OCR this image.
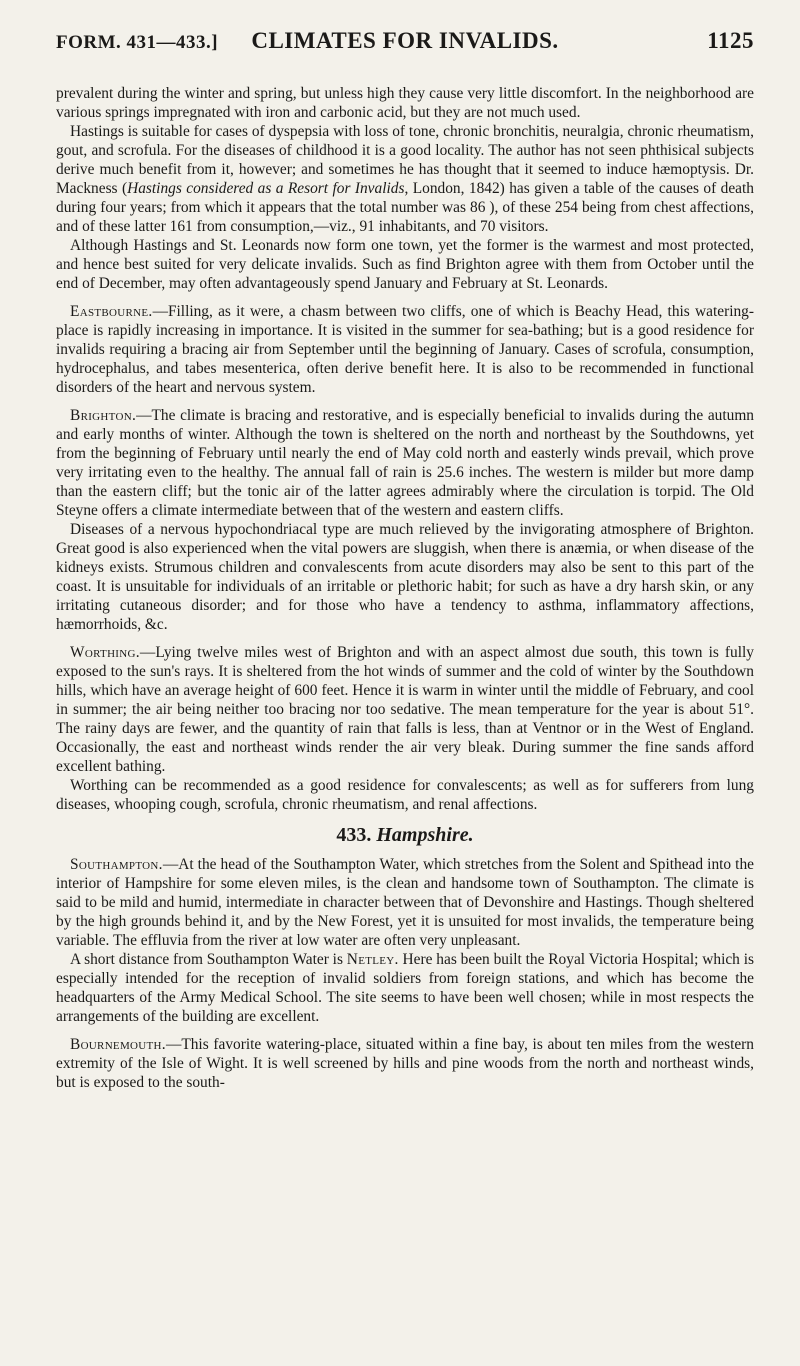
FORM. 431—433.]	CLIMATES FOR INVALIDS.	1125

prevalent during the winter and spring, but unless high they cause very little discomfort. In the neighborhood are various springs impregnated with iron and carbonic acid, but they are not much used.

Hastings is suitable for cases of dyspepsia with loss of tone, chronic bronchitis, neuralgia, chronic rheumatism, gout, and scrofula. For the diseases of childhood it is a good locality. The author has not seen phthisical subjects derive much benefit from it, however; and sometimes he has thought that it seemed to induce hæmoptysis. Dr. Mackness (Hastings considered as a Resort for Invalids, London, 1842) has given a table of the causes of death during four years; from which it appears that the total number was 86 ), of these 254 being from chest affections, and of these latter 161 from consumption,—viz., 91 inhabitants, and 70 visitors.

Although Hastings and St. Leonards now form one town, yet the former is the warmest and most protected, and hence best suited for very delicate invalids. Such as find Brighton agree with them from October until the end of December, may often advantageously spend January and February at St. Leonards.

Eastbourne.—Filling, as it were, a chasm between two cliffs, one of which is Beachy Head, this watering-place is rapidly increasing in importance. It is visited in the summer for sea-bathing; but is a good residence for invalids requiring a bracing air from September until the beginning of January. Cases of scrofula, consumption, hydrocephalus, and tabes mesenterica, often derive benefit here. It is also to be recommended in functional disorders of the heart and nervous system.

Brighton.—The climate is bracing and restorative, and is especially beneficial to invalids during the autumn and early months of winter. Although the town is sheltered on the north and northeast by the Southdowns, yet from the beginning of February until nearly the end of May cold north and easterly winds prevail, which prove very irritating even to the healthy. The annual fall of rain is 25.6 inches. The western is milder but more damp than the eastern cliff; but the tonic air of the latter agrees admirably where the circulation is torpid. The Old Steyne offers a climate intermediate between that of the western and eastern cliffs.

Diseases of a nervous hypochondriacal type are much relieved by the invigorating atmosphere of Brighton. Great good is also experienced when the vital powers are sluggish, when there is anæmia, or when disease of the kidneys exists. Strumous children and convalescents from acute disorders may also be sent to this part of the coast. It is unsuitable for individuals of an irritable or plethoric habit; for such as have a dry harsh skin, or any irritating cutaneous disorder; and for those who have a tendency to asthma, inflammatory affections, hæmorrhoids, &c.

Worthing.—Lying twelve miles west of Brighton and with an aspect almost due south, this town is fully exposed to the sun's rays. It is sheltered from the hot winds of summer and the cold of winter by the Southdown hills, which have an average height of 600 feet. Hence it is warm in winter until the middle of February, and cool in summer; the air being neither too bracing nor too sedative. The mean temperature for the year is about 51°. The rainy days are fewer, and the quantity of rain that falls is less, than at Ventnor or in the West of England. Occasionally, the east and northeast winds render the air very bleak. During summer the fine sands afford excellent bathing.

Worthing can be recommended as a good residence for convalescents; as well as for sufferers from lung diseases, whooping cough, scrofula, chronic rheumatism, and renal affections.

433. Hampshire.

Southampton.—At the head of the Southampton Water, which stretches from the Solent and Spithead into the interior of Hampshire for some eleven miles, is the clean and handsome town of Southampton. The climate is said to be mild and humid, intermediate in character between that of Devonshire and Hastings. Though sheltered by the high grounds behind it, and by the New Forest, yet it is unsuited for most invalids, the temperature being variable. The effluvia from the river at low water are often very unpleasant.

A short distance from Southampton Water is Netley. Here has been built the Royal Victoria Hospital; which is especially intended for the reception of invalid soldiers from foreign stations, and which has become the headquarters of the Army Medical School. The site seems to have been well chosen; while in most respects the arrangements of the building are excellent.

Bournemouth.—This favorite watering-place, situated within a fine bay, is about ten miles from the western extremity of the Isle of Wight. It is well screened by hills and pine woods from the north and northeast winds, but is exposed to the south-
